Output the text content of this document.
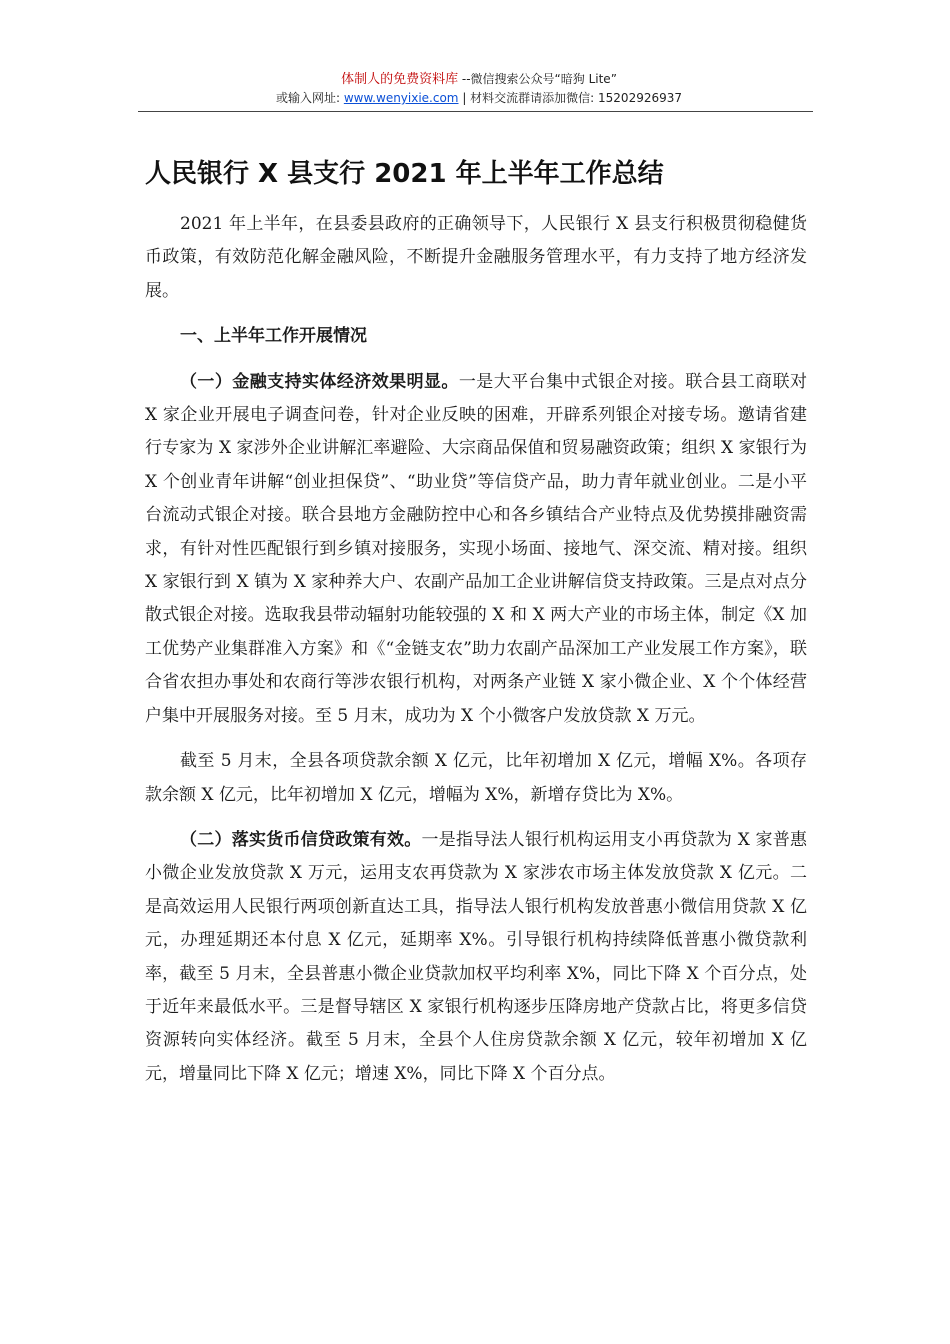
体制人的免费资料库 --微信搜索公众号“暗狗 Lite”
或输入网址: www.wenyixie.com | 材料交流群请添加微信: 15202926937
人民银行 X 县支行 2021 年上半年工作总结

2021 年上半年，在县委县政府的正确领导下，人民银行 X 县支行积极贯彻稳健货币政策，有效防范化解金融风险，不断提升金融服务管理水平，有力支持了地方经济发展。

一、上半年工作开展情况

（一）金融支持实体经济效果明显。一是大平台集中式银企对接。联合县工商联对 X 家企业开展电子调查问卷，针对企业反映的困难，开辟系列银企对接专场。邀请省建行专家为 X 家涉外企业讲解汇率避险、大宗商品保值和贸易融资政策；组织 X 家银行为 X 个创业青年讲解“创业担保贷”、“助业贷”等信贷产品，助力青年就业创业。二是小平台流动式银企对接。联合县地方金融防控中心和各乡镇结合产业特点及优势摸排融资需求，有针对性匹配银行到乡镇对接服务，实现小场面、接地气、深交流、精对接。组织 X 家银行到 X 镇为 X 家种养大户、农副产品加工企业讲解信贷支持政策。三是点对点分散式银企对接。选取我县带动辐射功能较强的 X 和 X 两大产业的市场主体，制定《X 加工优势产业集群准入方案》和《“金链支农”助力农副产品深加工产业发展工作方案》，联合省农担办事处和农商行等涉农银行机构，对两条产业链 X 家小微企业、X 个个体经营户集中开展服务对接。至 5 月末，成功为 X 个小微客户发放贷款 X 万元。

截至 5 月末，全县各项贷款余额 X 亿元，比年初增加 X 亿元，增幅 X%。各项存款余额 X 亿元，比年初增加 X 亿元，增幅为 X%，新增存贷比为 X%。

（二）落实货币信贷政策有效。一是指导法人银行机构运用支小再贷款为 X 家普惠小微企业发放贷款 X 万元，运用支农再贷款为 X 家涉农市场主体发放贷款 X 亿元。二是高效运用人民银行两项创新直达工具，指导法人银行机构发放普惠小微信用贷款 X 亿元，办理延期还本付息 X 亿元，延期率 X%。引导银行机构持续降低普惠小微贷款利率，截至 5 月末，全县普惠小微企业贷款加权平均利率 X%，同比下降 X 个百分点，处于近年来最低水平。三是督导辖区 X 家银行机构逐步压降房地产贷款占比，将更多信贷资源转向实体经济。截至 5 月末，全县个人住房贷款余额 X 亿元，较年初增加 X 亿元，增量同比下降 X 亿元；增速 X%，同比下降 X 个百分点。
